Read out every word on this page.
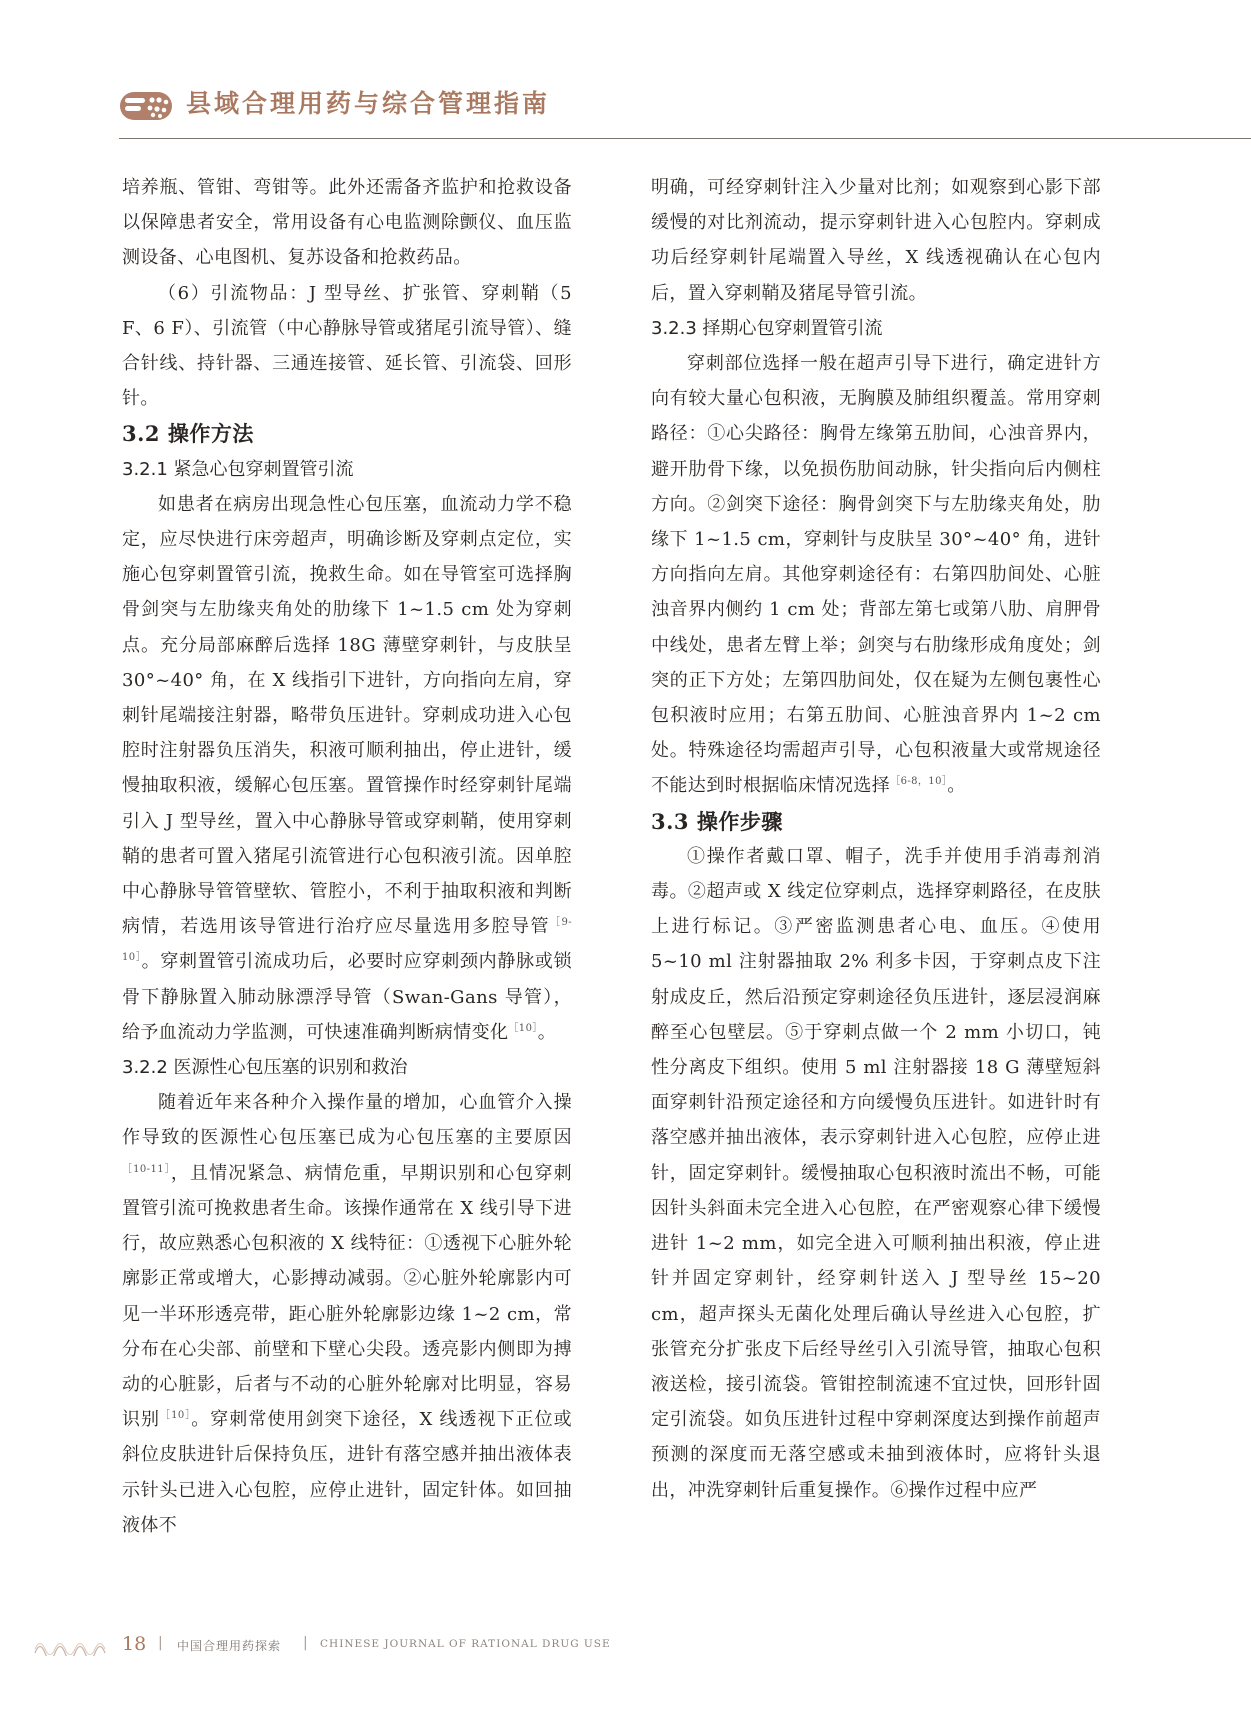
县域合理用药与综合管理指南

培养瓶、管钳、弯钳等。此外还需备齐监护和抢救设备以保障患者安全，常用设备有心电监测除颤仪、血压监测设备、心电图机、复苏设备和抢救药品。

（6）引流物品：J 型导丝、扩张管、穿刺鞘（5 F、6 F）、引流管（中心静脉导管或猪尾引流导管）、缝合针线、持针器、三通连接管、延长管、引流袋、回形针。

3.2 操作方法
3.2.1 紧急心包穿刺置管引流

如患者在病房出现急性心包压塞，血流动力学不稳定，应尽快进行床旁超声，明确诊断及穿刺点定位，实施心包穿刺置管引流，挽救生命。如在导管室可选择胸骨剑突与左肋缘夹角处的肋缘下 1~1.5 cm 处为穿刺点。充分局部麻醉后选择 18G 薄壁穿刺针，与皮肤呈 30°~40° 角，在 X 线指引下进针，方向指向左肩，穿刺针尾端接注射器，略带负压进针。穿刺成功进入心包腔时注射器负压消失，积液可顺利抽出，停止进针，缓慢抽取积液，缓解心包压塞。置管操作时经穿刺针尾端引入 J 型导丝，置入中心静脉导管或穿刺鞘，使用穿刺鞘的患者可置入猪尾引流管进行心包积液引流。因单腔中心静脉导管管壁软、管腔小，不利于抽取积液和判断病情，若选用该导管进行治疗应尽量选用多腔导管$^{[9-10]}$。穿刺置管引流成功后，必要时应穿刺颈内静脉或锁骨下静脉置入肺动脉漂浮导管（Swan-Gans 导管），给予血流动力学监测，可快速准确判断病情变化$^{[10]}$。

3.2.2 医源性心包压塞的识别和救治

随着近年来各种介入操作量的增加，心血管介入操作导致的医源性心包压塞已成为心包压塞的主要原因$^{[10-11]}$，且情况紧急、病情危重，早期识别和心包穿刺置管引流可挽救患者生命。该操作通常在 X 线引导下进行，故应熟悉心包积液的 X 线特征：①透视下心脏外轮廓影正常或增大，心影搏动减弱。②心脏外轮廓影内可见一半环形透亮带，距心脏外轮廓影边缘 1~2 cm，常分布在心尖部、前壁和下壁心尖段。透亮影内侧即为搏动的心脏影，后者与不动的心脏外轮廓对比明显，容易识别$^{[10]}$。穿刺常使用剑突下途径，X 线透视下正位或斜位皮肤进针后保持负压，进针有落空感并抽出液体表示针头已进入心包腔，应停止进针，固定针体。如回抽液体不

明确，可经穿刺针注入少量对比剂；如观察到心影下部缓慢的对比剂流动，提示穿刺针进入心包腔内。穿刺成功后经穿刺针尾端置入导丝，X 线透视确认在心包内后，置入穿刺鞘及猪尾导管引流。

3.2.3 择期心包穿刺置管引流

穿刺部位选择一般在超声引导下进行，确定进针方向有较大量心包积液，无胸膜及肺组织覆盖。常用穿刺路径：①心尖路径：胸骨左缘第五肋间，心浊音界内，避开肋骨下缘，以免损伤肋间动脉，针尖指向后内侧柱方向。②剑突下途径：胸骨剑突下与左肋缘夹角处，肋缘下 1~1.5 cm，穿刺针与皮肤呈 30°~40° 角，进针方向指向左肩。其他穿刺途径有：右第四肋间处、心脏浊音界内侧约 1 cm 处；背部左第七或第八肋、肩胛骨中线处，患者左臂上举；剑突与右肋缘形成角度处；剑突的正下方处；左第四肋间处，仅在疑为左侧包裹性心包积液时应用；右第五肋间、心脏浊音界内 1~2 cm 处。特殊途径均需超声引导，心包积液量大或常规途径不能达到时根据临床情况选择$^{[6-8,10]}$。

3.3 操作步骤

①操作者戴口罩、帽子，洗手并使用手消毒剂消毒。②超声或 X 线定位穿刺点，选择穿刺路径，在皮肤上进行标记。③严密监测患者心电、血压。④使用 5~10 ml 注射器抽取 2% 利多卡因，于穿刺点皮下注射成皮丘，然后沿预定穿刺途径负压进针，逐层浸润麻醉至心包壁层。⑤于穿刺点做一个 2 mm 小切口，钝性分离皮下组织。使用 5 ml 注射器接 18 G 薄壁短斜面穿刺针沿预定途径和方向缓慢负压进针。如进针时有落空感并抽出液体，表示穿刺针进入心包腔，应停止进针，固定穿刺针。缓慢抽取心包积液时流出不畅，可能因针头斜面未完全进入心包腔，在严密观察心律下缓慢进针 1~2 mm，如完全进入可顺利抽出积液，停止进针并固定穿刺针，经穿刺针送入 J 型导丝 15~20 cm，超声探头无菌化处理后确认导丝进入心包腔，扩张管充分扩张皮下后经导丝引入引流导管，抽取心包积液送检，接引流袋。管钳控制流速不宜过快，回形针固定引流袋。如负压进针过程中穿刺深度达到操作前超声预测的深度而无落空感或未抽到液体时，应将针头退出，冲洗穿刺针后重复操作。⑥操作过程中应严

18 | 中国合理用药探索 | CHINESE JOURNAL OF RATIONAL DRUG USE
